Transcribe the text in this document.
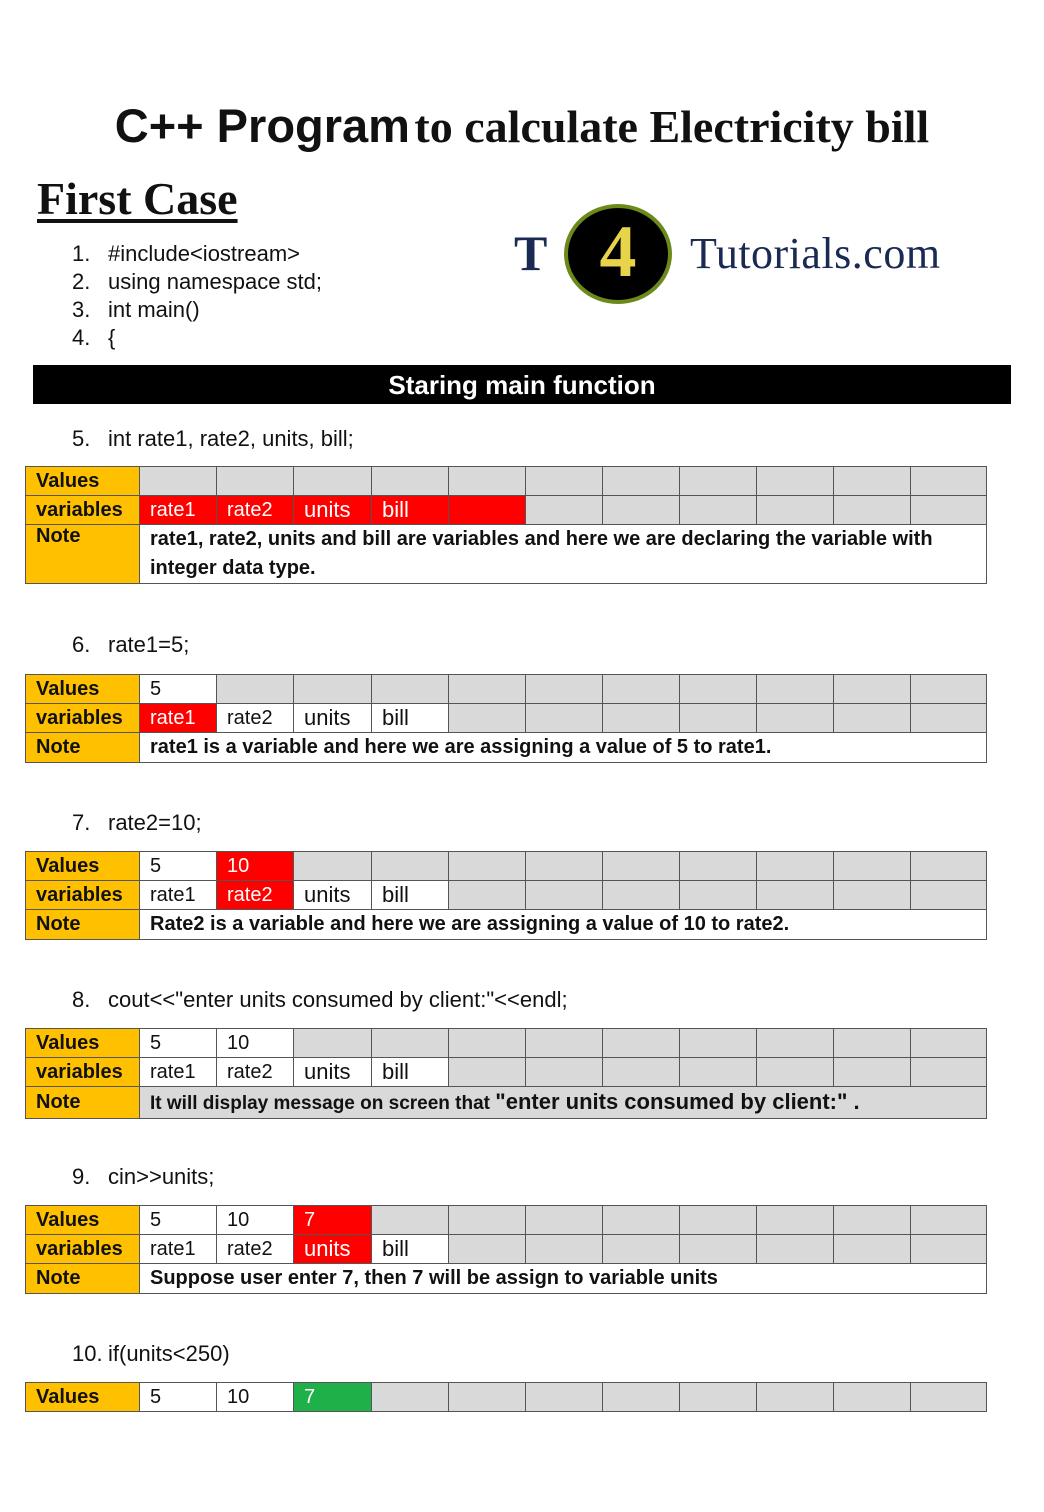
C++ Program to calculate Electricity bill
First Case
T 4	Tutorials.com
1. #include<iostream>
2. using namespace std;
3. int main()
4. {
Staring main function
5. int rate1, rate2, units, bill;
Values											
variables	rate1	rate2	units	bill							
Note	rate1, rate2, units and bill are variables and here we are declaring the variable with integer data type.										
6. rate1=5;
Values	5										
variables	rate1	rate2	units	bill							
Note	rate1 is a variable and here we are assigning a value of 5 to rate1.										
7. rate2=10;
Values	5	10									
variables	rate1	rate2	units	bill							
Note	Rate2 is a variable and here we are assigning a value of 10 to rate2.										
8. cout<<"enter units consumed by client:"<<endl;
Values	5	10									
variables	rate1	rate2	units	bill							
Note	It will display message on screen that "enter units consumed by client:" .										
9. cin>>units;
Values	5	10	7								
variables	rate1	rate2	units	bill							
Note	Suppose user enter 7, then 7 will be assign to variable units										
10. if(units<250)
Values	5	10	7								
